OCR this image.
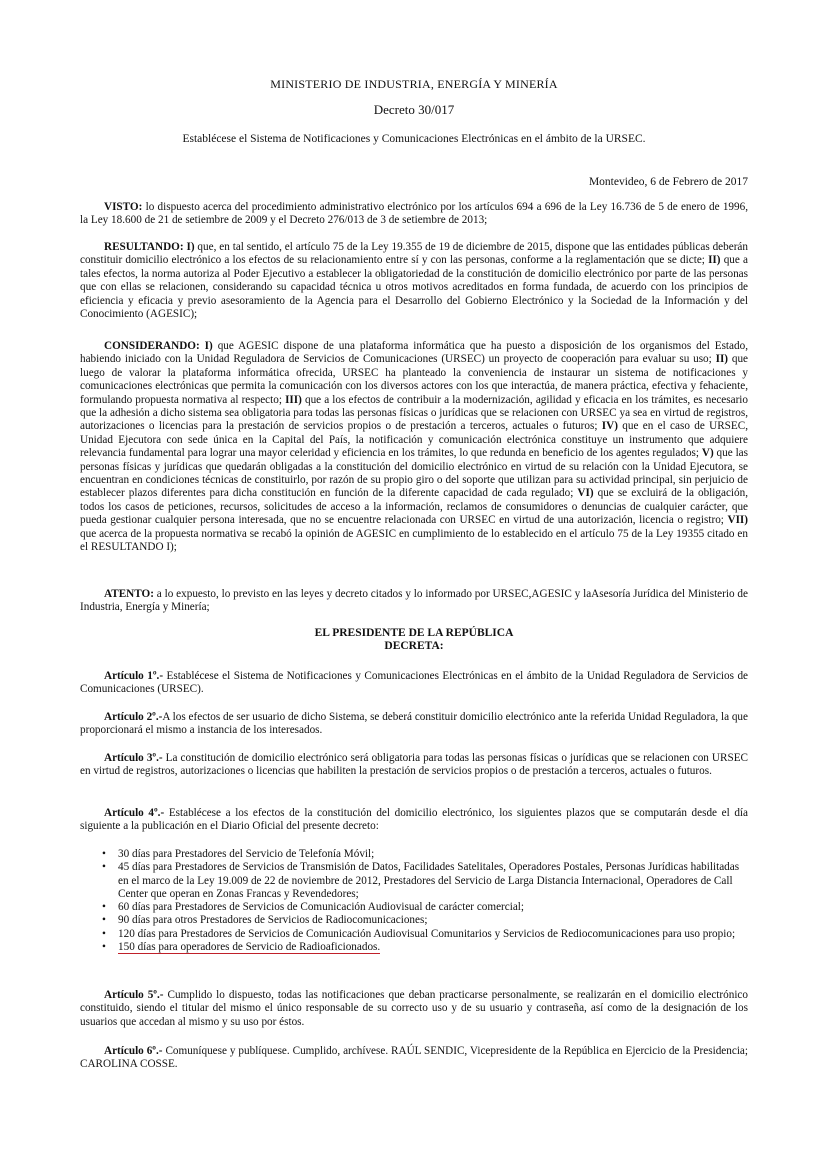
MINISTERIO DE INDUSTRIA, ENERGÍA Y MINERÍA
Decreto 30/017
Establécese el Sistema de Notificaciones y Comunicaciones Electrónicas en el ámbito de la URSEC.
Montevideo, 6 de Febrero de 2017

VISTO: lo dispuesto acerca del procedimiento administrativo electrónico por los artículos 694 a 696 de la Ley 16.736 de 5 de enero de 1996, la Ley 18.600 de 21 de setiembre de 2009 y el Decreto 276/013 de 3 de setiembre de 2013;

RESULTANDO: I) que, en tal sentido, el artículo 75 de la Ley 19.355 de 19 de diciembre de 2015, dispone que las entidades públicas deberán constituir domicilio electrónico a los efectos de su relacionamiento entre sí y con las personas, conforme a la reglamentación que se dicte; II) que a tales efectos, la norma autoriza al Poder Ejecutivo a establecer la obligatoriedad de la constitución de domicilio electrónico por parte de las personas que con ellas se relacionen, considerando su capacidad técnica u otros motivos acreditados en forma fundada, de acuerdo con los principios de eficiencia y eficacia y previo asesoramiento de la Agencia para el Desarrollo del Gobierno Electrónico y la Sociedad de la Información y del Conocimiento (AGESIC);

CONSIDERANDO: I) que AGESIC dispone de una plataforma informática que ha puesto a disposición de los organismos del Estado, habiendo iniciado con la Unidad Reguladora de Servicios de Comunicaciones (URSEC) un proyecto de cooperación para evaluar su uso; II) que luego de valorar la plataforma informática ofrecida, URSEC ha planteado la conveniencia de instaurar un sistema de notificaciones y comunicaciones electrónicas que permita la comunicación con los diversos actores con los que interactúa, de manera práctica, efectiva y fehaciente, formulando propuesta normativa al respecto; III) que a los efectos de contribuir a la modernización, agilidad y eficacia en los trámites, es necesario que la adhesión a dicho sistema sea obligatoria para todas las personas físicas o jurídicas que se relacionen con URSEC ya sea en virtud de registros, autorizaciones o licencias para la prestación de servicios propios o de prestación a terceros, actuales o futuros; IV) que en el caso de URSEC, Unidad Ejecutora con sede única en la Capital del País, la notificación y comunicación electrónica constituye un instrumento que adquiere relevancia fundamental para lograr una mayor celeridad y eficiencia en los trámites, lo que redunda en beneficio de los agentes regulados; V) que las personas físicas y jurídicas que quedarán obligadas a la constitución del domicilio electrónico en virtud de su relación con la Unidad Ejecutora, se encuentran en condiciones técnicas de constituirlo, por razón de su propio giro o del soporte que utilizan para su actividad principal, sin perjuicio de establecer plazos diferentes para dicha constitución en función de la diferente capacidad de cada regulado; VI) que se excluirá de la obligación, todos los casos de peticiones, recursos, solicitudes de acceso a la información, reclamos de consumidores o denuncias de cualquier carácter, que pueda gestionar cualquier persona interesada, que no se encuentre relacionada con URSEC en virtud de una autorización, licencia o registro; VII) que acerca de la propuesta normativa se recabó la opinión de AGESIC en cumplimiento de lo establecido en el artículo 75 de la Ley 19355 citado en el RESULTANDO I);

ATENTO: a lo expuesto, lo previsto en las leyes y decreto citados y lo informado por URSEC,AGESIC y laAsesoría Jurídica del Ministerio de Industria, Energía y Minería;

EL PRESIDENTE DE LA REPÚBLICA
DECRETA:

Artículo 1º.- Establécese el Sistema de Notificaciones y Comunicaciones Electrónicas en el ámbito de la Unidad Reguladora de Servicios de Comunicaciones (URSEC).

Artículo 2º.-A los efectos de ser usuario de dicho Sistema, se deberá constituir domicilio electrónico ante la referida Unidad Reguladora, la que proporcionará el mismo a instancia de los interesados.

Artículo 3º.- La constitución de domicilio electrónico será obligatoria para todas las personas físicas o jurídicas que se relacionen con URSEC en virtud de registros, autorizaciones o licencias que habiliten la prestación de servicios propios o de prestación a terceros, actuales o futuros.

Artículo 4º.- Establécese a los efectos de la constitución del domicilio electrónico, los siguientes plazos que se computarán desde el día siguiente a la publicación en el Diario Oficial del presente decreto:

• 30 días para Prestadores del Servicio de Telefonía Móvil;
• 45 días para Prestadores de Servicios de Transmisión de Datos, Facilidades Satelitales, Operadores Postales, Personas Jurídicas habilitadas en el marco de la Ley 19.009 de 22 de noviembre de 2012, Prestadores del Servicio de Larga Distancia Internacional, Operadores de Call Center que operan en Zonas Francas y Revendedores;
• 60 días para Prestadores de Servicios de Comunicación Audiovisual de carácter comercial;
• 90 días para otros Prestadores de Servicios de Radiocomunicaciones;
• 120 días para Prestadores de Servicios de Comunicación Audiovisual Comunitarios y Servicios de Rediocomunicaciones para uso propio;
• 150 días para operadores de Servicio de Radioaficionados.

Artículo 5º.- Cumplido lo dispuesto, todas las notificaciones que deban practicarse personalmente, se realizarán en el domicilio electrónico constituido, siendo el titular del mismo el único responsable de su correcto uso y de su usuario y contraseña, así como de la designación de los usuarios que accedan al mismo y su uso por éstos.

Artículo 6º.- Comuníquese y publíquese. Cumplido, archívese. RAÚL SENDIC, Vicepresidente de la República en Ejercicio de la Presidencia; CAROLINA COSSE.
